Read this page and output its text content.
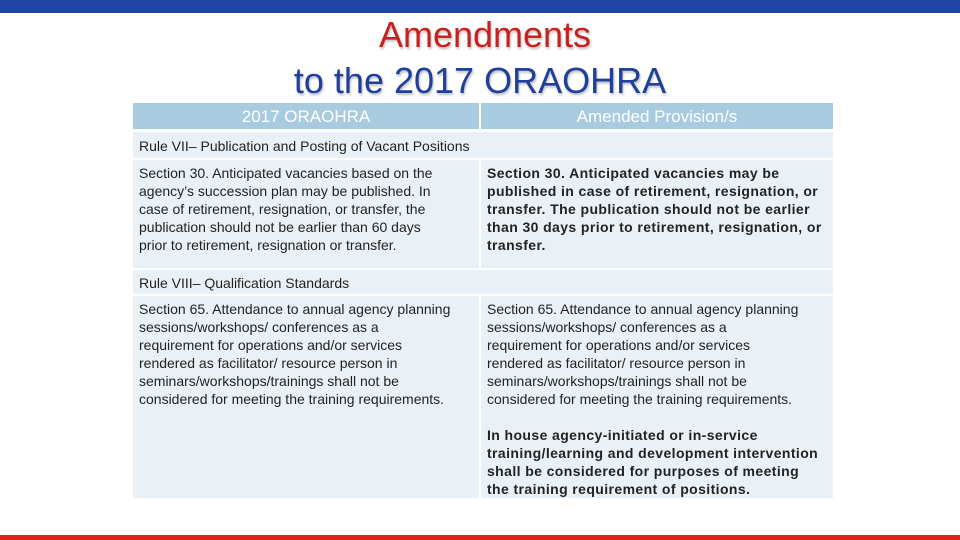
Amendments
to the 2017 ORAOHRA
2017 ORAOHRA	Amended Provision/s
Rule VII– Publication and Posting of Vacant Positions
Section 30. Anticipated vacancies based on the
agency’s succession plan may be published. In
case of retirement, resignation, or transfer, the
publication should not be earlier than 60 days
prior to retirement, resignation or transfer.
Section 30. Anticipated vacancies may be
published in case of retirement, resignation, or
transfer. The publication should not be earlier
than 30 days prior to retirement, resignation, or
transfer.
Rule VIII– Qualification Standards
Section 65. Attendance to annual agency planning
sessions/workshops/ conferences as a
requirement for operations and/or services
rendered as facilitator/ resource person in
seminars/workshops/trainings shall not be
considered for meeting the training requirements.
Section 65. Attendance to annual agency planning
sessions/workshops/ conferences as a
requirement for operations and/or services
rendered as facilitator/ resource person in
seminars/workshops/trainings shall not be
considered for meeting the training requirements.
In house agency-initiated or in-service
training/learning and development intervention
shall be considered for purposes of meeting
the training requirement of positions.
